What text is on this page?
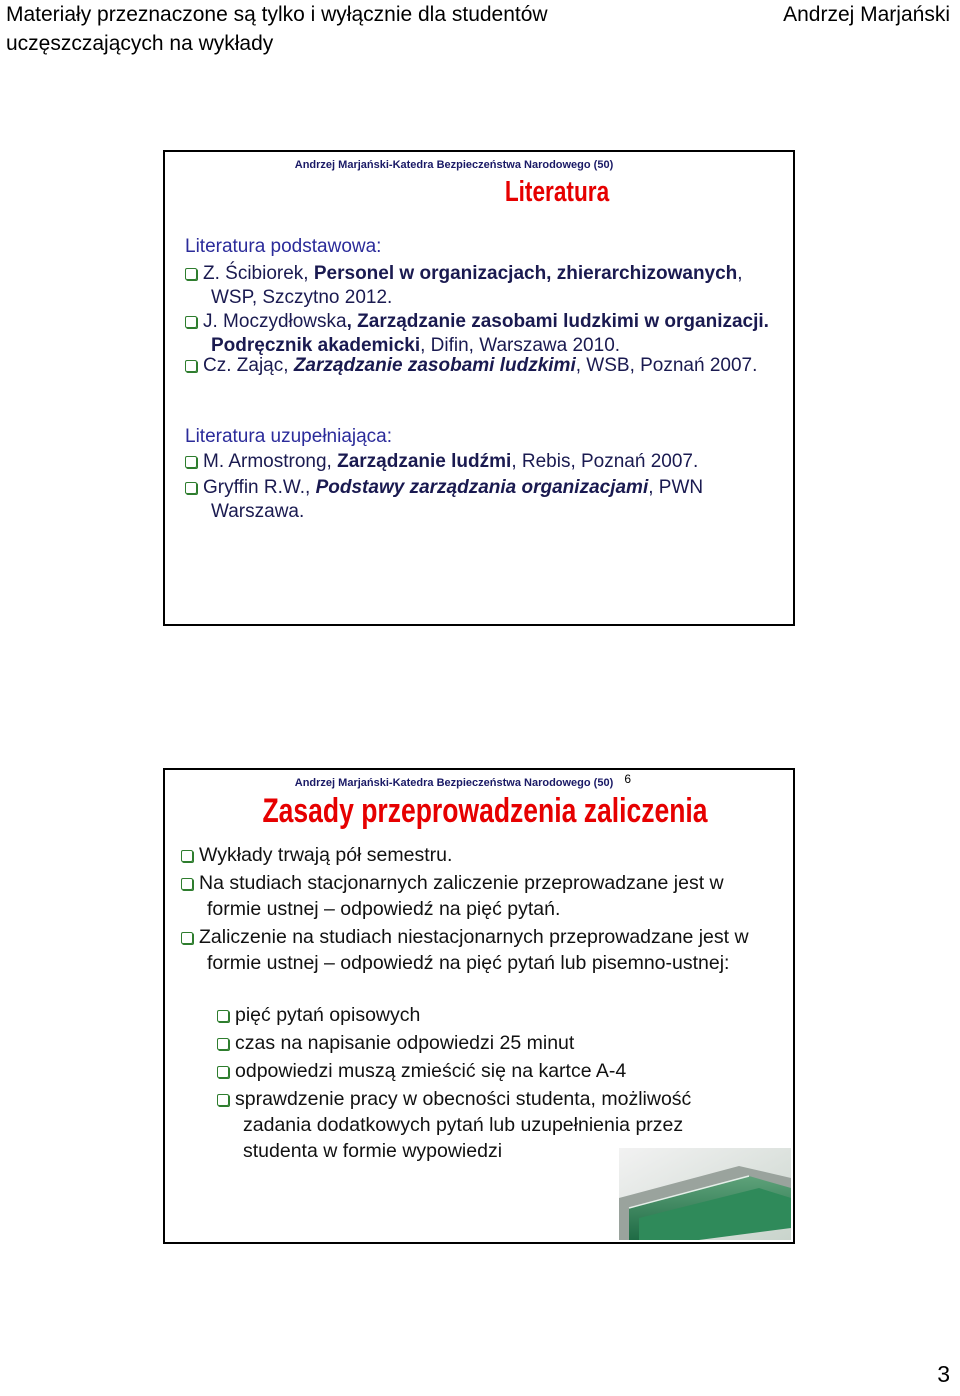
Materiały przeznaczone są tylko i wyłącznie dla studentów
uczęszczających na wykłady
Andrzej Marjański
Andrzej Marjański-Katedra Bezpieczeństwa Narodowego (50)
Literatura
Literatura podstawowa:
Z. Ścibiorek, Personel w organizacjach, zhierarchizowanych, WSP, Szczytno 2012.
J. Moczydłowska, Zarządzanie zasobami ludzkimi w organizacji. Podręcznik akademicki, Difin, Warszawa 2010.
Cz. Zając, Zarządzanie zasobami ludzkimi, WSB, Poznań 2007.
Literatura uzupełniająca:
M. Armostrong, Zarządzanie ludźmi, Rebis, Poznań 2007.
Gryffin R.W., Podstawy zarządzania organizacjami, PWN Warszawa.
Andrzej Marjański-Katedra Bezpieczeństwa Narodowego (50) 6
Zasady przeprowadzenia zaliczenia
Wykłady trwają pół semestru.
Na studiach stacjonarnych zaliczenie przeprowadzane jest w formie ustnej – odpowiedź na pięć pytań.
Zaliczenie na studiach niestacjonarnych przeprowadzane jest w formie ustnej – odpowiedź na pięć pytań lub pisemno-ustnej:
pięć pytań opisowych
czas na napisanie odpowiedzi 25 minut
odpowiedzi muszą zmieścić się na kartce A-4
sprawdzenie pracy w obecności studenta, możliwość zadania dodatkowych pytań lub uzupełnienia przez studenta w formie wypowiedzi
3
